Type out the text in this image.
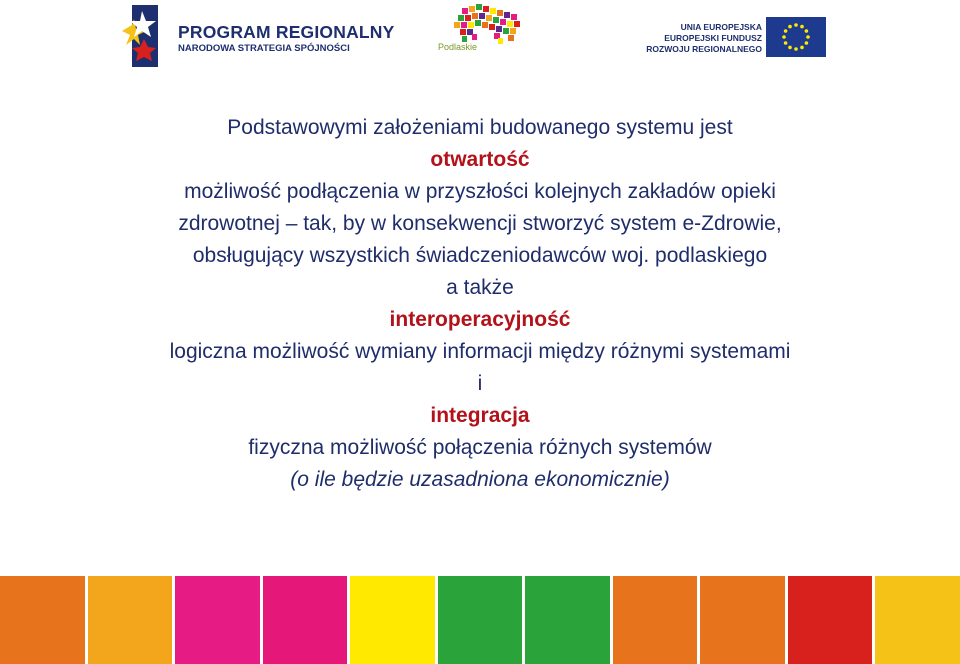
PROGRAM REGIONALNY
NARODOWA STRATEGIA SPÓJNOŚCI	Podlaskie
UNIA EUROPEJSKA
EUROPEJSKI FUNDUSZ
ROZWOJU REGIONALNEGO
Podstawowymi założeniami budowanego systemu jest
otwartość
możliwość podłączenia w przyszłości kolejnych zakładów opieki
zdrowotnej – tak, by w konsekwencji stworzyć system e-Zdrowie,
obsługujący wszystkich świadczeniodawców woj. podlaskiego
a także
interoperacyjność
logiczna możliwość wymiany informacji między różnymi systemami
i
integracja
fizyczna możliwość połączenia różnych systemów
(o ile będzie uzasadniona ekonomicznie)
